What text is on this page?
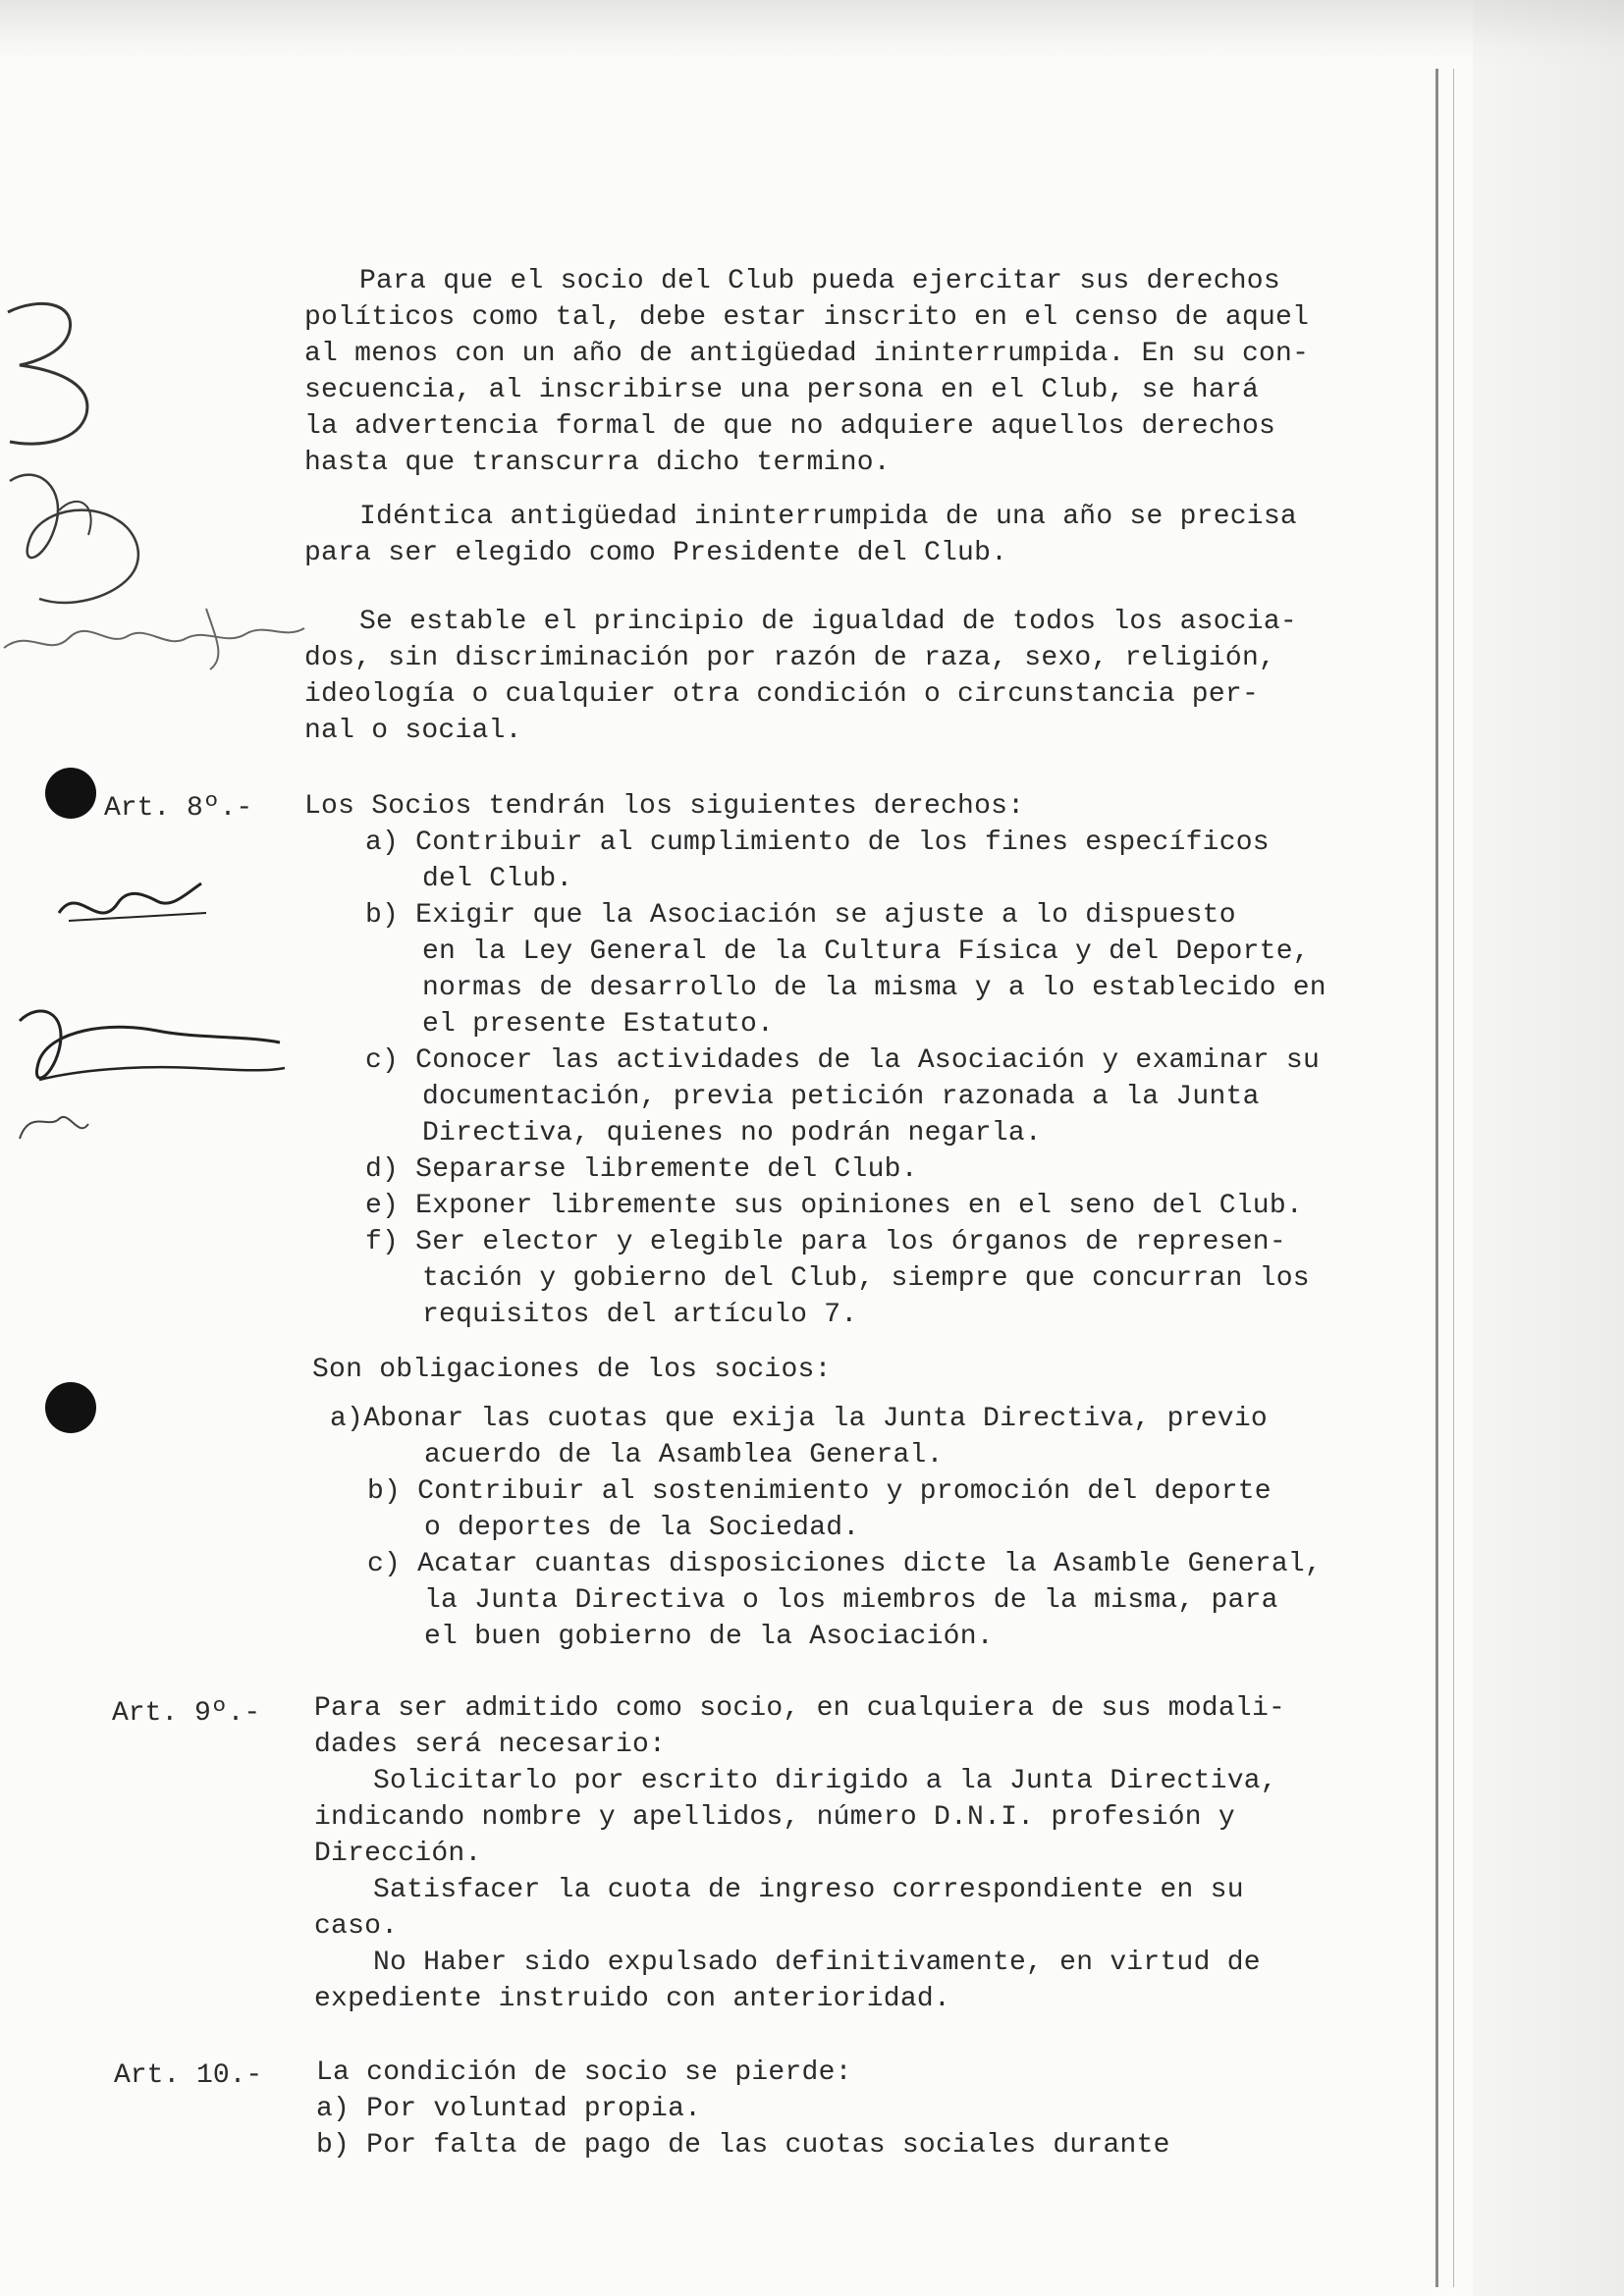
Para que el socio del Club pueda ejercitar sus derechos
políticos como tal, debe estar inscrito en el censo de aquel
al menos con un año de antigüedad ininterrumpida. En su con-
secuencia, al inscribirse una persona en el Club, se hará
la advertencia formal de que no adquiere aquellos derechos
hasta que transcurra dicho termino.
Idéntica antigüedad ininterrumpida de una año se precisa
para ser elegido como Presidente del Club.
Se estable el principio de igualdad de todos los asocia-
dos, sin discriminación por razón de raza, sexo, religión,
ideología o cualquier otra condición o circunstancia per-
nal o social.
Art. 8º.- Los Socios tendrán los siguientes derechos:
a) Contribuir al cumplimiento de los fines específicos
del Club.
b) Exigir que la Asociación se ajuste a lo dispuesto
en la Ley General de la Cultura Física y del Deporte,
normas de desarrollo de la misma y a lo establecido en
el presente Estatuto.
c) Conocer las actividades de la Asociación y examinar su
documentación, previa petición razonada a la Junta
Directiva, quienes no podrán negarla.
d) Separarse libremente del Club.
e) Exponer libremente sus opiniones en el seno del Club.
f) Ser elector y elegible para los órganos de represen-
tación y gobierno del Club, siempre que concurran los
requisitos del artículo 7.
Son obligaciones de los socios:
a)Abonar las cuotas que exija la Junta Directiva, previo
acuerdo de la Asamblea General.
b) Contribuir al sostenimiento y promoción del deporte
o deportes de la Sociedad.
c) Acatar cuantas disposiciones dicte la Asamble General,
la Junta Directiva o los miembros de la misma, para
el buen gobierno de la Asociación.
Art. 9º.- Para ser admitido como socio, en cualquiera de sus modali-
dades será necesario:
Solicitarlo por escrito dirigido a la Junta Directiva,
indicando nombre y apellidos, número D.N.I. profesión y
Dirección.
Satisfacer la cuota de ingreso correspondiente en su
caso.
No Haber sido expulsado definitivamente, en virtud de
expediente instruido con anterioridad.
Art. 10.- La condición de socio se pierde:
a) Por voluntad propia.
b) Por falta de pago de las cuotas sociales durante
